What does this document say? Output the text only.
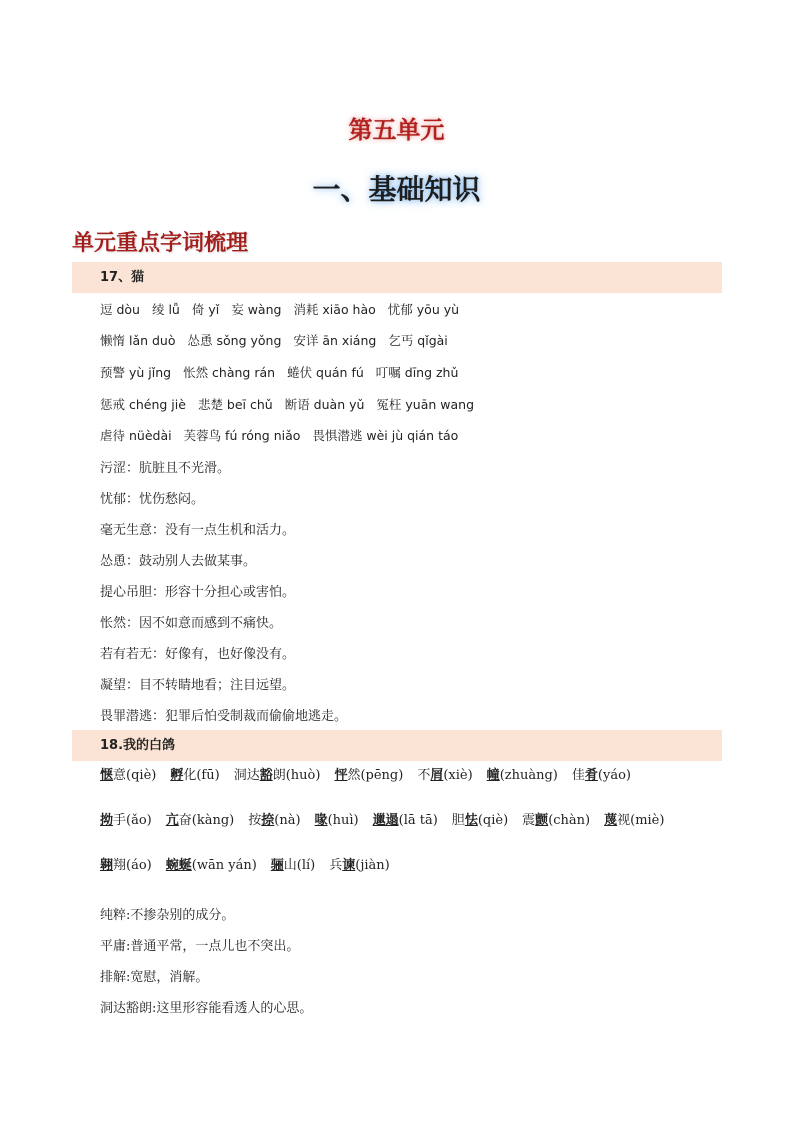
第五单元
一、基础知识
单元重点字词梳理
17、猫
逗 dòu 绫 lǚ 倚 yǐ 妄 wàng 消耗 xiāo hào 忧郁 yōu yù
懒惰 lǎn duò 怂恿 sǒng yǒng 安详 ān xiáng 乞丐 qǐgài
预警 yù jǐng 怅然 chàng rán 蜷伏 quán fú 叮嘱 dīng zhǔ
惩戒 chéng jiè 悲楚 beī chǔ 断语 duàn yǔ 冤枉 yuān wang
虐待 nüèdài 芙蓉鸟 fú róng niǎo 畏惧潜逃 wèi jù qián táo
污涩：肮脏且不光滑。
忧郁：忧伤愁闷。
毫无生意：没有一点生机和活力。
怂恿：鼓动别人去做某事。
提心吊胆：形容十分担心或害怕。
怅然：因不如意而感到不痛快。
若有若无：好像有，也好像没有。
凝望：目不转睛地看；注目远望。
畏罪潜逃：犯罪后怕受制裁而偷偷地逃走。
18.我的白鸽
惬意(qiè) 孵化(fū) 洞达豁朗(huò) 怦然(pēng) 不屑(xiè) 幢(zhuàng) 佳肴(yáo)
拗手(ǎo) 亢奋(kàng) 按捺(nà) 喙(huì) 邋遢(lā tā) 胆怯(qiè) 震颤(chàn) 蔑视(miè)
翱翔(áo) 蜿蜒(wān yán) 骊山(lí) 兵谏(jiàn)
纯粹:不掺杂别的成分。
平庸:普通平常，一点儿也不突出。
排解:宽慰，消解。
洞达豁朗:这里形容能看透人的心思。
